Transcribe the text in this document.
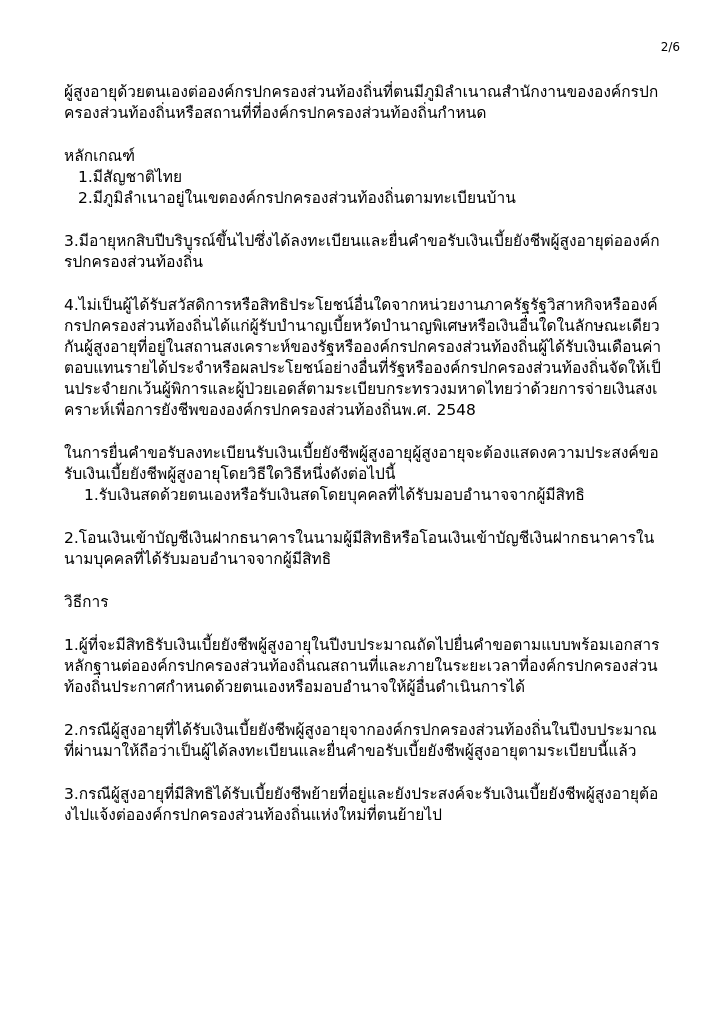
2/6

ผู้สูงอายุด้วยตนเองต่อองค์กรปกครองส่วนท้องถิ่นที่ตนมีภูมิลำเนาณสำนักงานขององค์กรปกครองส่วนท้องถิ่นหรือสถานที่ที่องค์กรปกครองส่วนท้องถิ่นกำหนด

หลักเกณฑ์
1.มีสัญชาติไทย
2.มีภูมิลำเนาอยู่ในเขตองค์กรปกครองส่วนท้องถิ่นตามทะเบียนบ้าน

3.มีอายุหกสิบปีบริบูรณ์ขึ้นไปซึ่งได้ลงทะเบียนและยื่นคำขอรับเงินเบี้ยยังชีพผู้สูงอายุต่อองค์กรปกครองส่วนท้องถิ่น

4.ไม่เป็นผู้ได้รับสวัสดิการหรือสิทธิประโยชน์อื่นใดจากหน่วยงานภาครัฐรัฐวิสาหกิจหรือองค์กรปกครองส่วนท้องถิ่นได้แก่ผู้รับบำนาญเบี้ยหวัดบำนาญพิเศษหรือเงินอื่นใดในลักษณะเดียวกันผู้สูงอายุที่อยู่ในสถานสงเคราะห์ของรัฐหรือองค์กรปกครองส่วนท้องถิ่นผู้ได้รับเงินเดือนค่าตอบแทนรายได้ประจำหรือผลประโยชน์อย่างอื่นที่รัฐหรือองค์กรปกครองส่วนท้องถิ่นจัดให้เป็นประจำยกเว้นผู้พิการและผู้ป่วยเอดส์ตามระเบียบกระทรวงมหาดไทยว่าด้วยการจ่ายเงินสงเคราะห์เพื่อการยังชีพขององค์กรปกครองส่วนท้องถิ่นพ.ศ. 2548

ในการยื่นคำขอรับลงทะเบียนรับเงินเบี้ยยังชีพผู้สูงอายุผู้สูงอายุจะต้องแสดงความประสงค์ขอรับเงินเบี้ยยังชีพผู้สูงอายุโดยวิธีใดวิธีหนึ่งดังต่อไปนี้
1.รับเงินสดด้วยตนเองหรือรับเงินสดโดยบุคคลที่ได้รับมอบอำนาจจากผู้มีสิทธิ

2.โอนเงินเข้าบัญชีเงินฝากธนาคารในนามผู้มีสิทธิหรือโอนเงินเข้าบัญชีเงินฝากธนาคารในนามบุคคลที่ได้รับมอบอำนาจจากผู้มีสิทธิ

วิธีการ

1.ผู้ที่จะมีสิทธิรับเงินเบี้ยยังชีพผู้สูงอายุในปีงบประมาณถัดไปยื่นคำขอตามแบบพร้อมเอกสารหลักฐานต่อองค์กรปกครองส่วนท้องถิ่นณสถานที่และภายในระยะเวลาที่องค์กรปกครองส่วนท้องถิ่นประกาศกำหนดด้วยตนเองหรือมอบอำนาจให้ผู้อื่นดำเนินการได้

2.กรณีผู้สูงอายุที่ได้รับเงินเบี้ยยังชีพผู้สูงอายุจากองค์กรปกครองส่วนท้องถิ่นในปีงบประมาณที่ผ่านมาให้ถือว่าเป็นผู้ได้ลงทะเบียนและยื่นคำขอรับเบี้ยยังชีพผู้สูงอายุตามระเบียบนี้แล้ว

3.กรณีผู้สูงอายุที่มีสิทธิได้รับเบี้ยยังชีพย้ายที่อยู่และยังประสงค์จะรับเงินเบี้ยยังชีพผู้สูงอายุต้องไปแจ้งต่อองค์กรปกครองส่วนท้องถิ่นแห่งใหม่ที่ตนย้ายไป
